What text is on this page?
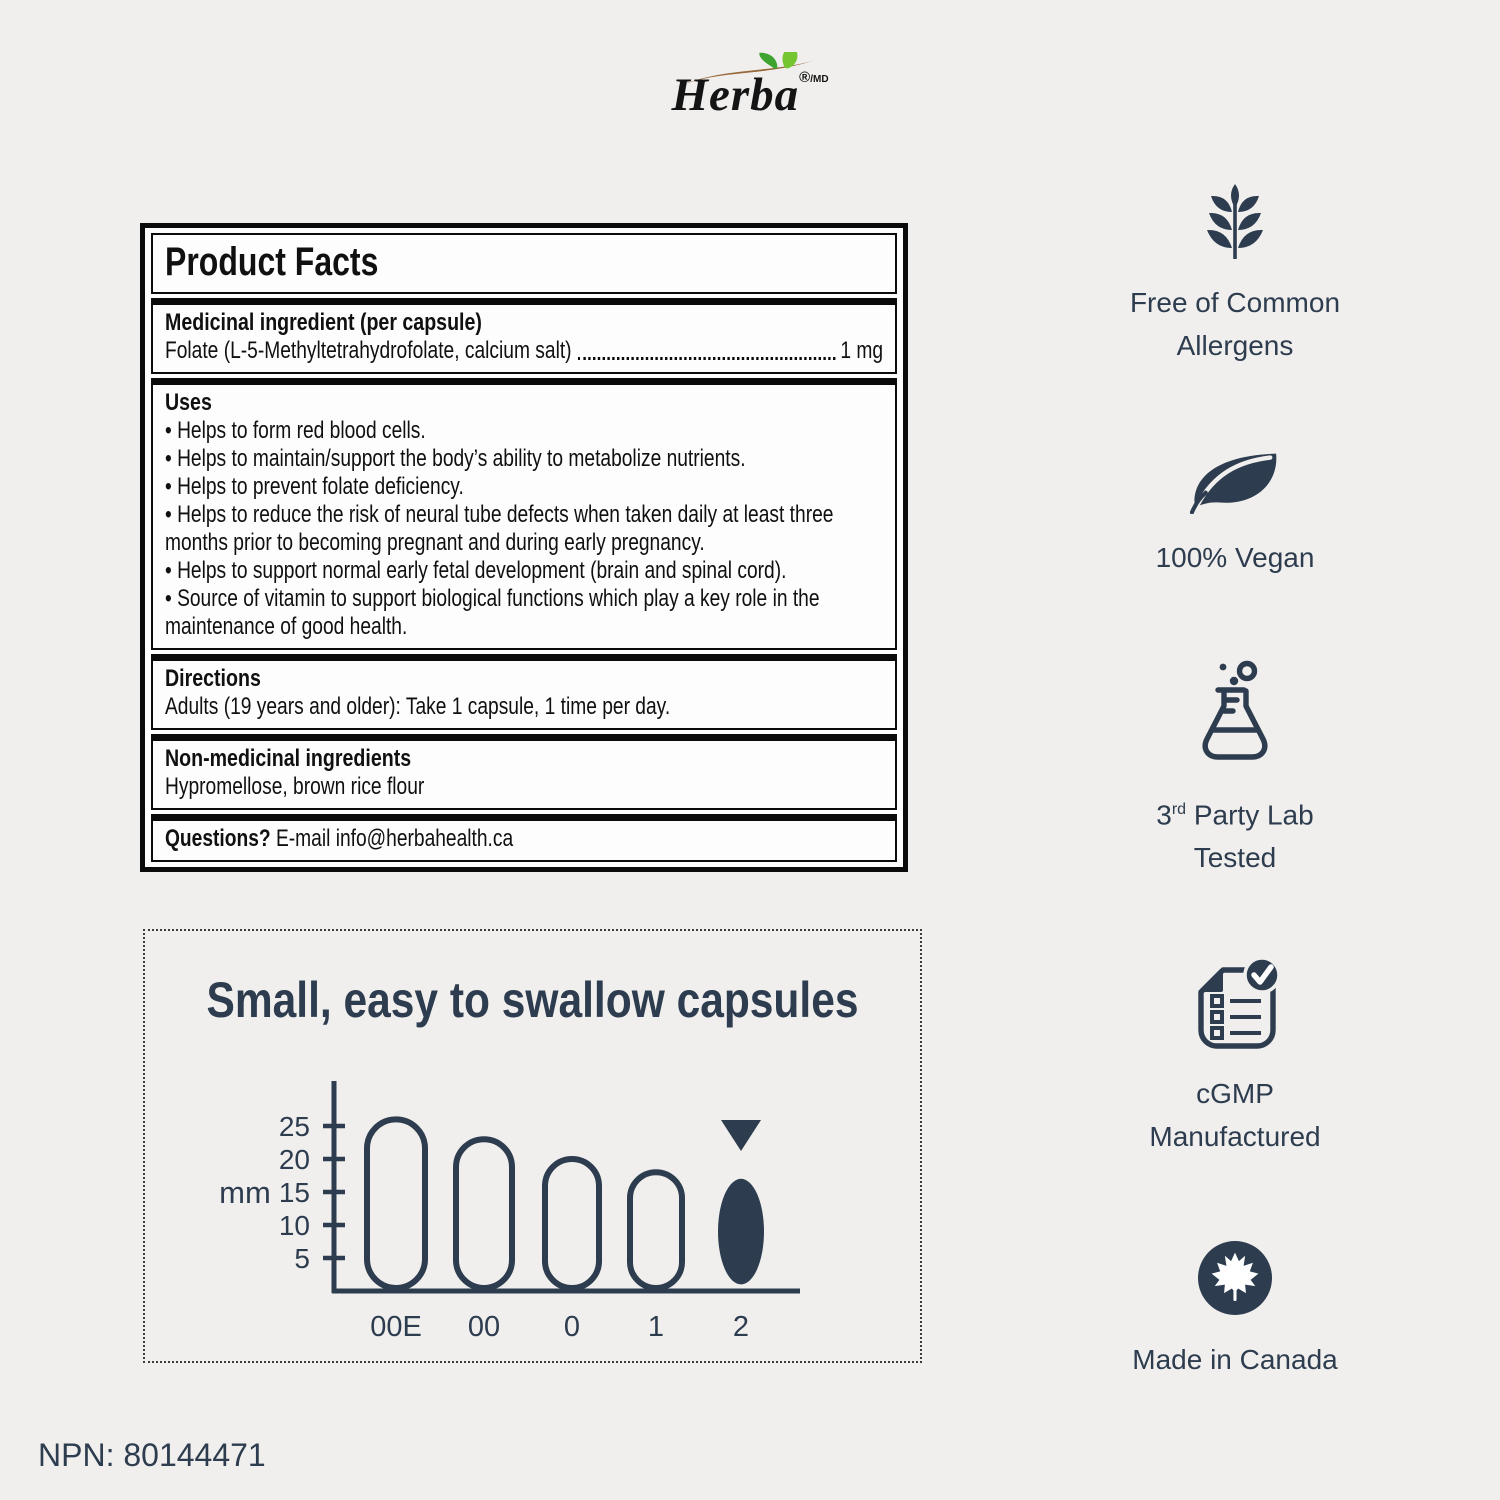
Herba$^{®/MD}$
Product Facts
Medicinal ingredient (per capsule)
Folate (L-5-Methyltetrahydrofolate, calcium salt)	1 mg
Uses
• Helps to form red blood cells.
• Helps to maintain/support the body’s ability to metabolize nutrients.
• Helps to prevent folate deficiency.
• Helps to reduce the risk of neural tube defects when taken daily at least three months prior to becoming pregnant and during early pregnancy.
• Helps to support normal early fetal development (brain and spinal cord).
• Source of vitamin to support biological functions which play a key role in the maintenance of good health.
Directions
Adults (19 years and older): Take 1 capsule, 1 time per day.
Non-medicinal ingredients
Hypromellose, brown rice flour
Questions? E-mail info@herbahealth.ca
Small, easy to swallow capsules
5
10
15
20
25
mm
00E 00 0 1 2
Free of Common
Allergens
100% Vegan
3rd Party Lab
Tested
cGMP
Manufactured
Made in Canada
NPN: 80144471
